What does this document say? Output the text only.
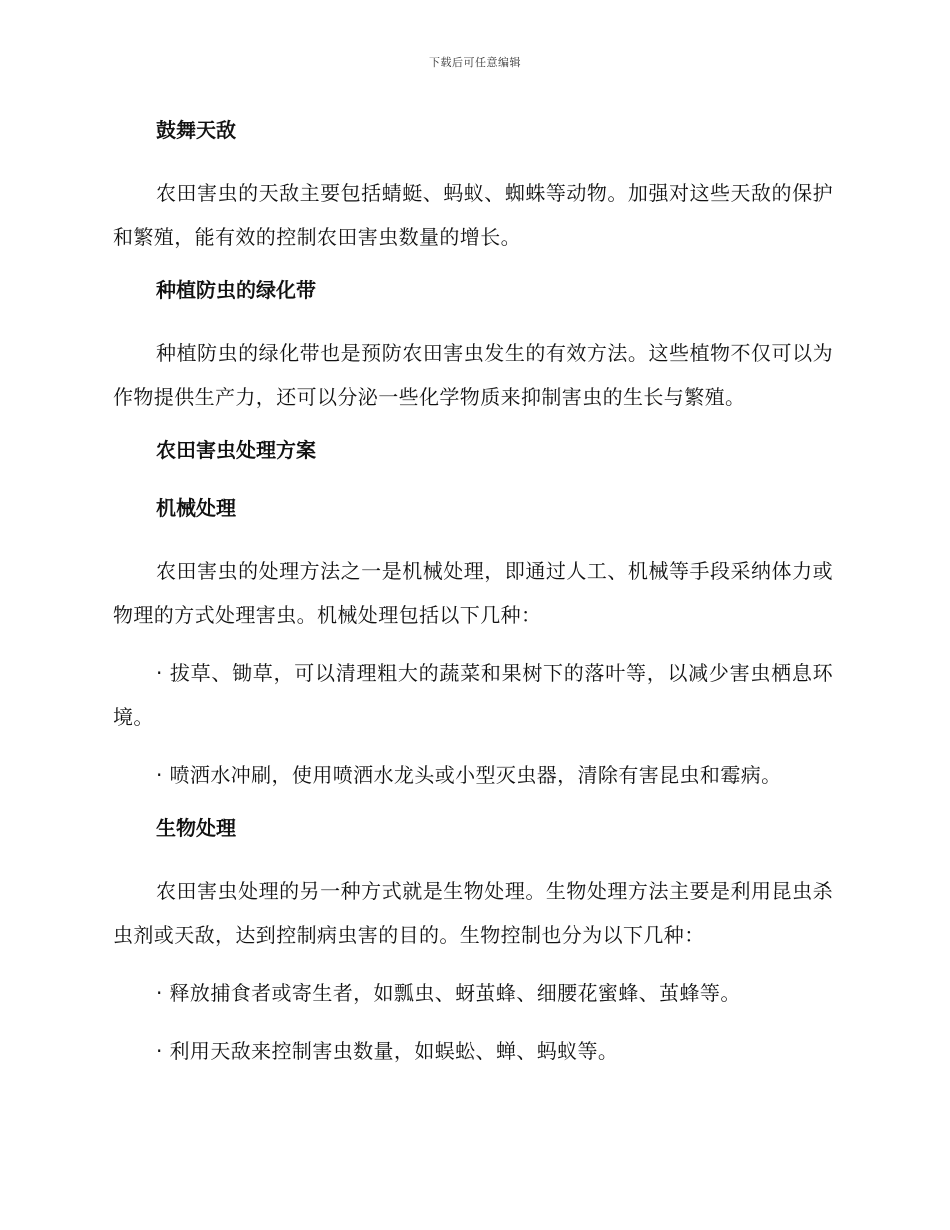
下载后可任意编辑
鼓舞天敌

农田害虫的天敌主要包括蜻蜓、蚂蚁、蜘蛛等动物。加强对这些天敌的保护和繁殖，能有效的控制农田害虫数量的增长。

种植防虫的绿化带

种植防虫的绿化带也是预防农田害虫发生的有效方法。这些植物不仅可以为作物提供生产力，还可以分泌一些化学物质来抑制害虫的生长与繁殖。

农田害虫处理方案
机械处理

农田害虫的处理方法之一是机械处理，即通过人工、机械等手段采纳体力或物理的方式处理害虫。机械处理包括以下几种：

· 拔草、锄草，可以清理粗大的蔬菜和果树下的落叶等，以减少害虫栖息环境。

· 喷洒水冲刷，使用喷洒水龙头或小型灭虫器，清除有害昆虫和霉病。

生物处理

农田害虫处理的另一种方式就是生物处理。生物处理方法主要是利用昆虫杀虫剂或天敌，达到控制病虫害的目的。生物控制也分为以下几种：

· 释放捕食者或寄生者，如瓢虫、蚜茧蜂、细腰花蜜蜂、茧蜂等。

· 利用天敌来控制害虫数量，如蜈蚣、蝉、蚂蚁等。
